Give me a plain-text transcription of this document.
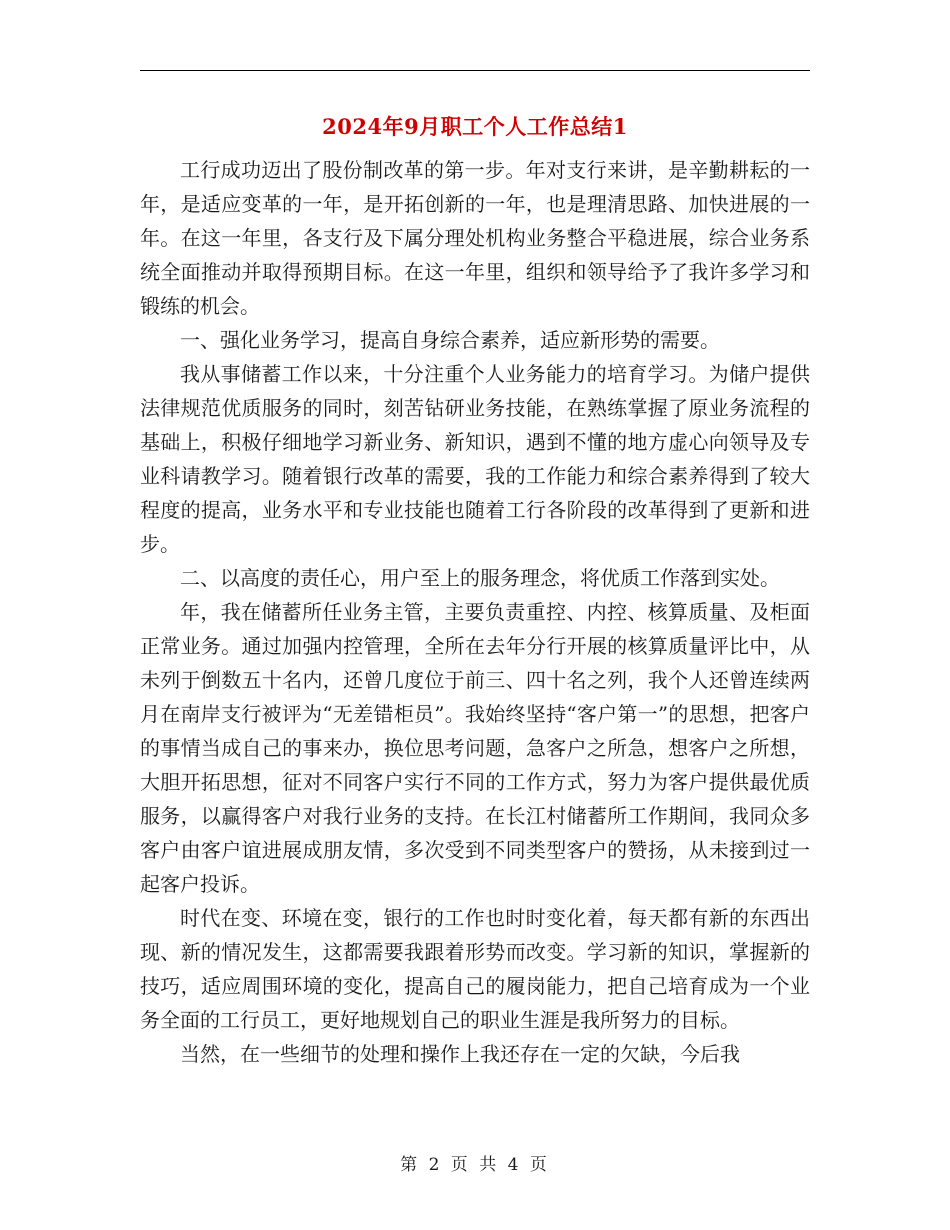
2024年9月职工个人工作总结1

工行成功迈出了股份制改革的第一步。年对支行来讲，是辛勤耕耘的一年，是适应变革的一年，是开拓创新的一年，也是理清思路、加快进展的一年。在这一年里，各支行及下属分理处机构业务整合平稳进展，综合业务系统全面推动并取得预期目标。在这一年里，组织和领导给予了我许多学习和锻练的机会。

一、强化业务学习，提高自身综合素养，适应新形势的需要。

我从事储蓄工作以来，十分注重个人业务能力的培育学习。为储户提供法律规范优质服务的同时，刻苦钻研业务技能，在熟练掌握了原业务流程的基础上，积极仔细地学习新业务、新知识，遇到不懂的地方虚心向领导及专业科请教学习。随着银行改革的需要，我的工作能力和综合素养得到了较大程度的提高，业务水平和专业技能也随着工行各阶段的改革得到了更新和进步。

二、以高度的责任心，用户至上的服务理念，将优质工作落到实处。

年，我在储蓄所任业务主管，主要负责重控、内控、核算质量、及柜面正常业务。通过加强内控管理，全所在去年分行开展的核算质量评比中，从未列于倒数五十名内，还曾几度位于前三、四十名之列，我个人还曾连续两月在南岸支行被评为“无差错柜员”。我始终坚持“客户第一”的思想，把客户的事情当成自己的事来办，换位思考问题，急客户之所急，想客户之所想，大胆开拓思想，征对不同客户实行不同的工作方式，努力为客户提供最优质服务，以赢得客户对我行业务的支持。在长江村储蓄所工作期间，我同众多客户由客户谊进展成朋友情，多次受到不同类型客户的赞扬，从未接到过一起客户投诉。

时代在变、环境在变，银行的工作也时时变化着，每天都有新的东西出现、新的情况发生，这都需要我跟着形势而改变。学习新的知识，掌握新的技巧，适应周围环境的变化，提高自己的履岗能力，把自己培育成为一个业务全面的工行员工，更好地规划自己的职业生涯是我所努力的目标。

当然，在一些细节的处理和操作上我还存在一定的欠缺，今后我

第 2 页 共 4 页
